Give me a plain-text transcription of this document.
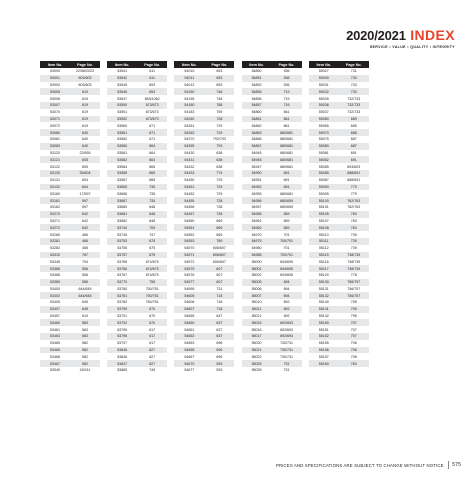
2020/2021 INDEX
SERVICE • VALUE • QUALITY • INTEGRITY
Item No.	Page No.
53000	22/58/2023
53001	603/603
53002	603/603
53005	619
53006	619
53007	619
53070	619
53071	619
53072	619
53080	640
53081	640
53083	640
53120	22/655
53121	605
53122	605
53130	35/604
53131	604
53132	604
53160	17/597
53161	597
53162	597
53270	642
53271	642
53272	642
53280	466
53281	466
53282	466
53310	787
53345	794
53385	556
53386	556
53389	556
53400	644/645
53402	644/645
53405	645
53407	645
53457	610
53460	583
53461	583
53463	583
53465	582
53465	582
53466	582
53467	582
53540	420/11
Item No.	Page No.
53541	611
53542	611
53545	653
53546	653
53547	653/1062
53550	673/673
53551	673/673
53552	673/673
53560	671
53561	671
53562	671
53580	664
53581	664
53582	664
53584	665
53585	665
53587	665
53665	735
53666	735
53667	735
53680	648
53681	648
53682	648
53740	709
53745	747
53753	675
53755	675
53757	675
53765	674/675
53766	674/675
53767	674/675
53770	755
53780	750/751
53781	750/751
53782	750/751
53790	670
53791	670
53792	670
53795	617
53796	617
53797	617
53845	627
53846	627
53847	627
53865	749
Item No.	Page No.
54010	653
54011	653
54012	653
54150	746
54155	748
54160	788
54183	759
54260	728
54261	729
54262	729
54370	792/793
54395	793
54430	638
54431	638
54432	638
54433	774
54450	729
54451	729
54452	729
54455	728
54456	728
54457	728
54550	669
54551	669
54552	669
54553	789
54570	606/607
54571	606/607
54572	606/607
54575	607
54576	607
54577	607
54595	731
54605	718
54606	718
54607	718
54655	647
54650	637
54651	637
54652	637
54653	696
54655	696
54667	695
54670	593
54677	593
Item No.	Page No.
54850	536
54851	536
54852	536
54855	719
54856	719
54857	719
54860	661
54861	661
54862	661
54863	680/681
54866	680/681
54867	680/681
54945	680/681
54946	680/681
54947	680/681
54950	691
54951	691
54952	691
54955	680/681
54956	680/659
54957	680/659
54958	659
54961	659
54962	659
54970	701
54975	700/701
54980	701
54985	700/701
55000	694/695
55001	694/695
55002	694/695
55005	694
55006	694
55007	694
55010	692
55011	692
55012	692
55015	692/693
55016	692/693
55017	692/693
55020	730/731
55021	730/731
55022	730/731
55025	731
55026	731
Item No.	Page No.
55027	731
55030	733
55031	733
55032	733
55035	732/733
55036	732/733
55037	732/733
55060	689
55065	689
55070	686
55075	687
55080	687
55081	691
55082	691
55085	693/603
55085	688/691
55087	688/691
55090	779
55095	779
55100	762/763
55101	762/763
55105	763
55107	763
55108	763
55110	739
55111	739
55112	739
55115	738/739
55116	738/739
55117	738/739
55120	778
55130	756/757
55131	756/757
55132	756/757
55140	795
55141	795
55142	795
55150	707
55151	707
55152	707
55155	706
55156	706
55157	706
55160	763
PRICES AND SPECIFICATIONS ARE SUBJECT TO CHANGE WITHOUT NOTICE 575
